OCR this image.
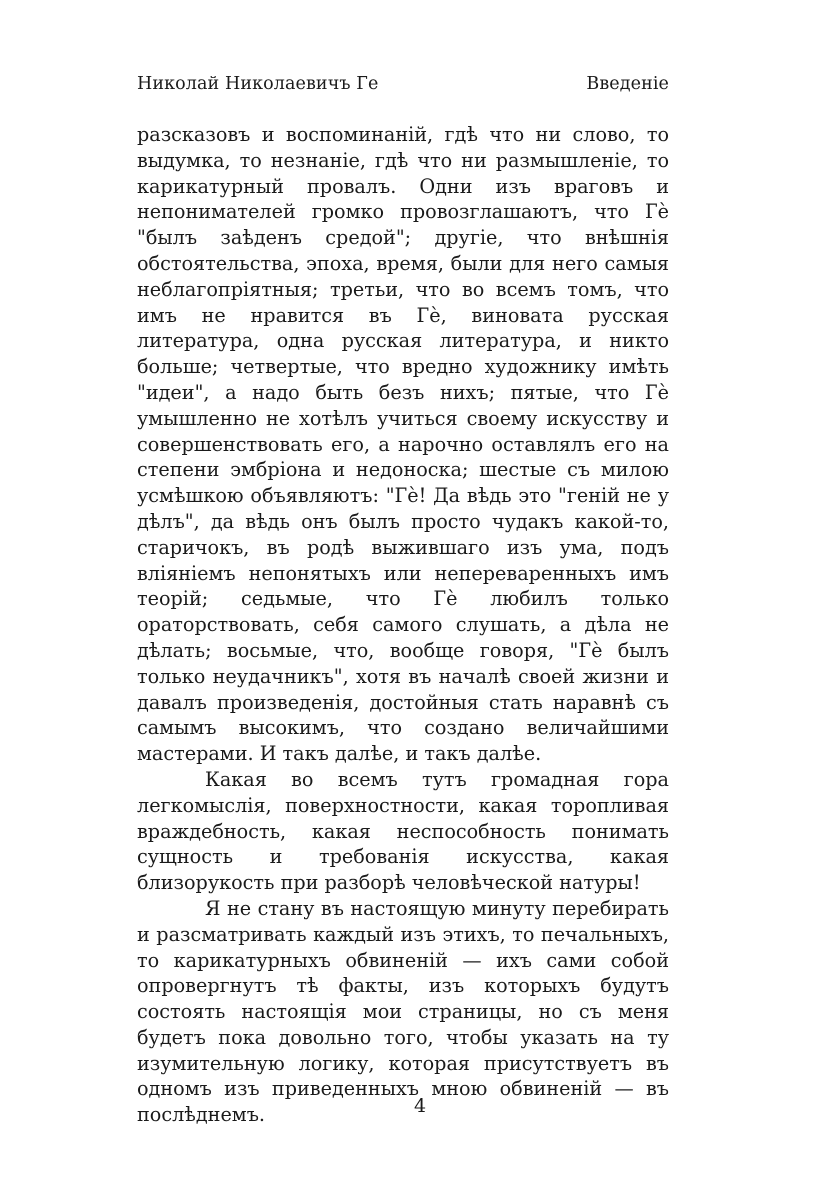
Николай Николаевичъ Ге	Введеніе

разсказовъ и воспоминаній, гдѣ что ни слово, то выдумка, то незнаніе, гдѣ что ни размышленіе, то карикатурный провалъ. Одни изъ враговъ и непонимателей громко провозглашаютъ, что Гè "былъ заѣденъ средой"; другіе, что внѣшнія обстоятельства, эпоха, время, были для него самыя неблагопріятныя; третьи, что во всемъ томъ, что имъ не нравится въ Гè, виновата русская литература, одна русская литература, и никто больше; четвертые, что вредно художнику имѣть "идеи", а надо быть безъ нихъ; пятые, что Гè умышленно не хотѣлъ учиться своему искусству и совершенствовать его, а нарочно оставлялъ его на степени эмбріона и недоноска; шестые съ милою усмѣшкою объявляютъ: "Гè! Да вѣдь это "геній не у дѣлъ", да вѣдь онъ былъ просто чудакъ какой-то, старичокъ, въ родѣ выжившаго изъ ума, подъ вліяніемъ непонятыхъ или непереваренныхъ имъ теорій; седьмые, что Гè любилъ только ораторствовать, себя самого слушать, а дѣла не дѣлать; восьмые, что, вообще говоря, "Гè былъ только неудачникъ", хотя въ началѣ своей жизни и давалъ произведенія, достойныя стать наравнѣ съ самымъ высокимъ, что создано величайшими мастерами. И такъ далѣе, и такъ далѣе.

Какая во всемъ тутъ громадная гора легкомыслія, поверхностности, какая торопливая враждебность, какая неспособность понимать сущность и требованія искусства, какая близорукость при разборѣ человѣческой натуры!

Я не стану въ настоящую минуту перебирать и разсматривать каждый изъ этихъ, то печальныхъ, то карикатурныхъ обвиненій — ихъ сами собой опровергнутъ тѣ факты, изъ которыхъ будутъ состоять настоящія мои страницы, но съ меня будетъ пока довольно того, чтобы указать на ту изумительную логику, которая присутствуетъ въ одномъ изъ приведенныхъ мною обвиненій — въ послѣднемъ.	4
